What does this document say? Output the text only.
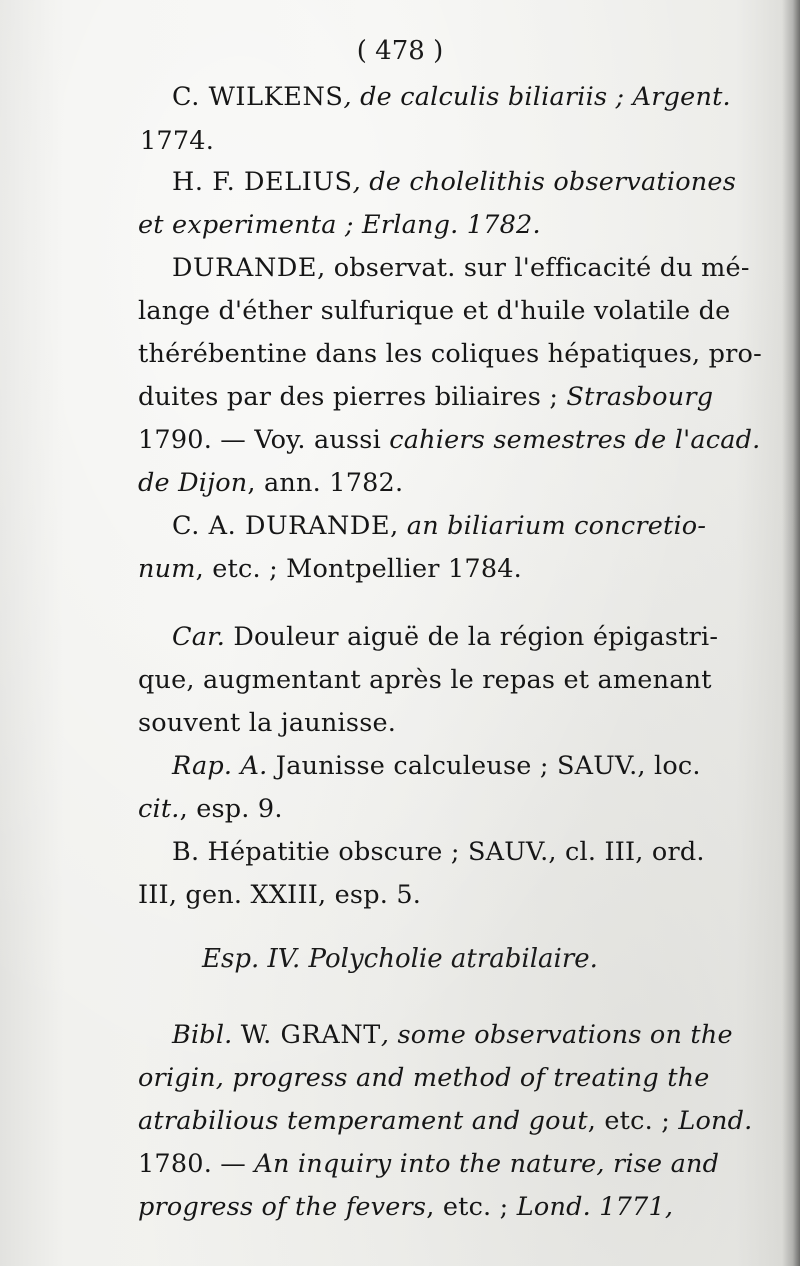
( 478 )
C. WILKENS, de calculis biliariis ; Argent.
1774.
H. F. DELIUS, de cholelithis observationes
et experimenta ; Erlang. 1782.
DURANDE, observat. sur l'efficacité du mé-
lange d'éther sulfurique et d'huile volatile de
thérébentine dans les coliques hépatiques, pro-
duites par des pierres biliaires ; Strasbourg
1790. — Voy. aussi cahiers semestres de l'acad.
de Dijon, ann. 1782.
C. A. DURANDE, an biliarium concretio-
num, etc. ; Montpellier 1784.
Car. Douleur aiguë de la région épigastri-
que, augmentant après le repas et amenant
souvent la jaunisse.
Rap. A. Jaunisse calculeuse ; SAUV., loc.
cit., esp. 9.
B. Hépatitie obscure ; SAUV., cl. III, ord.
III, gen. XXIII, esp. 5.
Esp. IV. Polycholie atrabilaire.
Bibl. W. GRANT, some observations on the
origin, progress and method of treating the
atrabilious temperament and gout, etc. ; Lond.
1780. — An inquiry into the nature, rise and
progress of the fevers, etc. ; Lond. 1771,
